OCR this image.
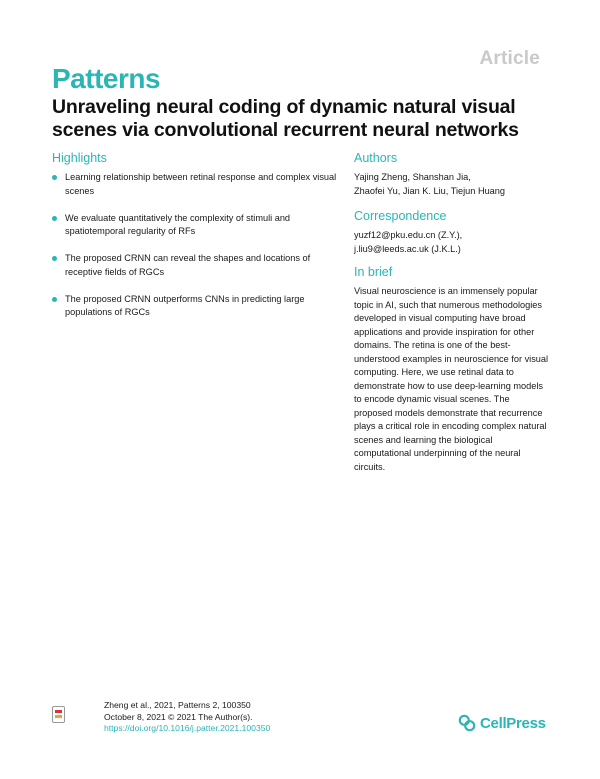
Article
Patterns
Unraveling neural coding of dynamic natural visual scenes via convolutional recurrent neural networks
Highlights
Learning relationship between retinal response and complex visual scenes
We evaluate quantitatively the complexity of stimuli and spatiotemporal regularity of RFs
The proposed CRNN can reveal the shapes and locations of receptive fields of RGCs
The proposed CRNN outperforms CNNs in predicting large populations of RGCs
Authors
Yajing Zheng, Shanshan Jia,
Zhaofei Yu, Jian K. Liu, Tiejun Huang
Correspondence
yuzf12@pku.edu.cn (Z.Y.),
j.liu9@leeds.ac.uk (J.K.L.)
In brief
Visual neuroscience is an immensely popular topic in AI, such that numerous methodologies developed in visual computing have broad applications and provide inspiration for other domains. The retina is one of the best-understood examples in neuroscience for visual computing. Here, we use retinal data to demonstrate how to use deep-learning models to encode dynamic visual scenes. The proposed models demonstrate that recurrence plays a critical role in encoding complex natural scenes and learning the biological computational underpinning of the neural circuits.
Zheng et al., 2021, Patterns 2, 100350
October 8, 2021 © 2021 The Author(s).
https://doi.org/10.1016/j.patter.2021.100350	CellPress
